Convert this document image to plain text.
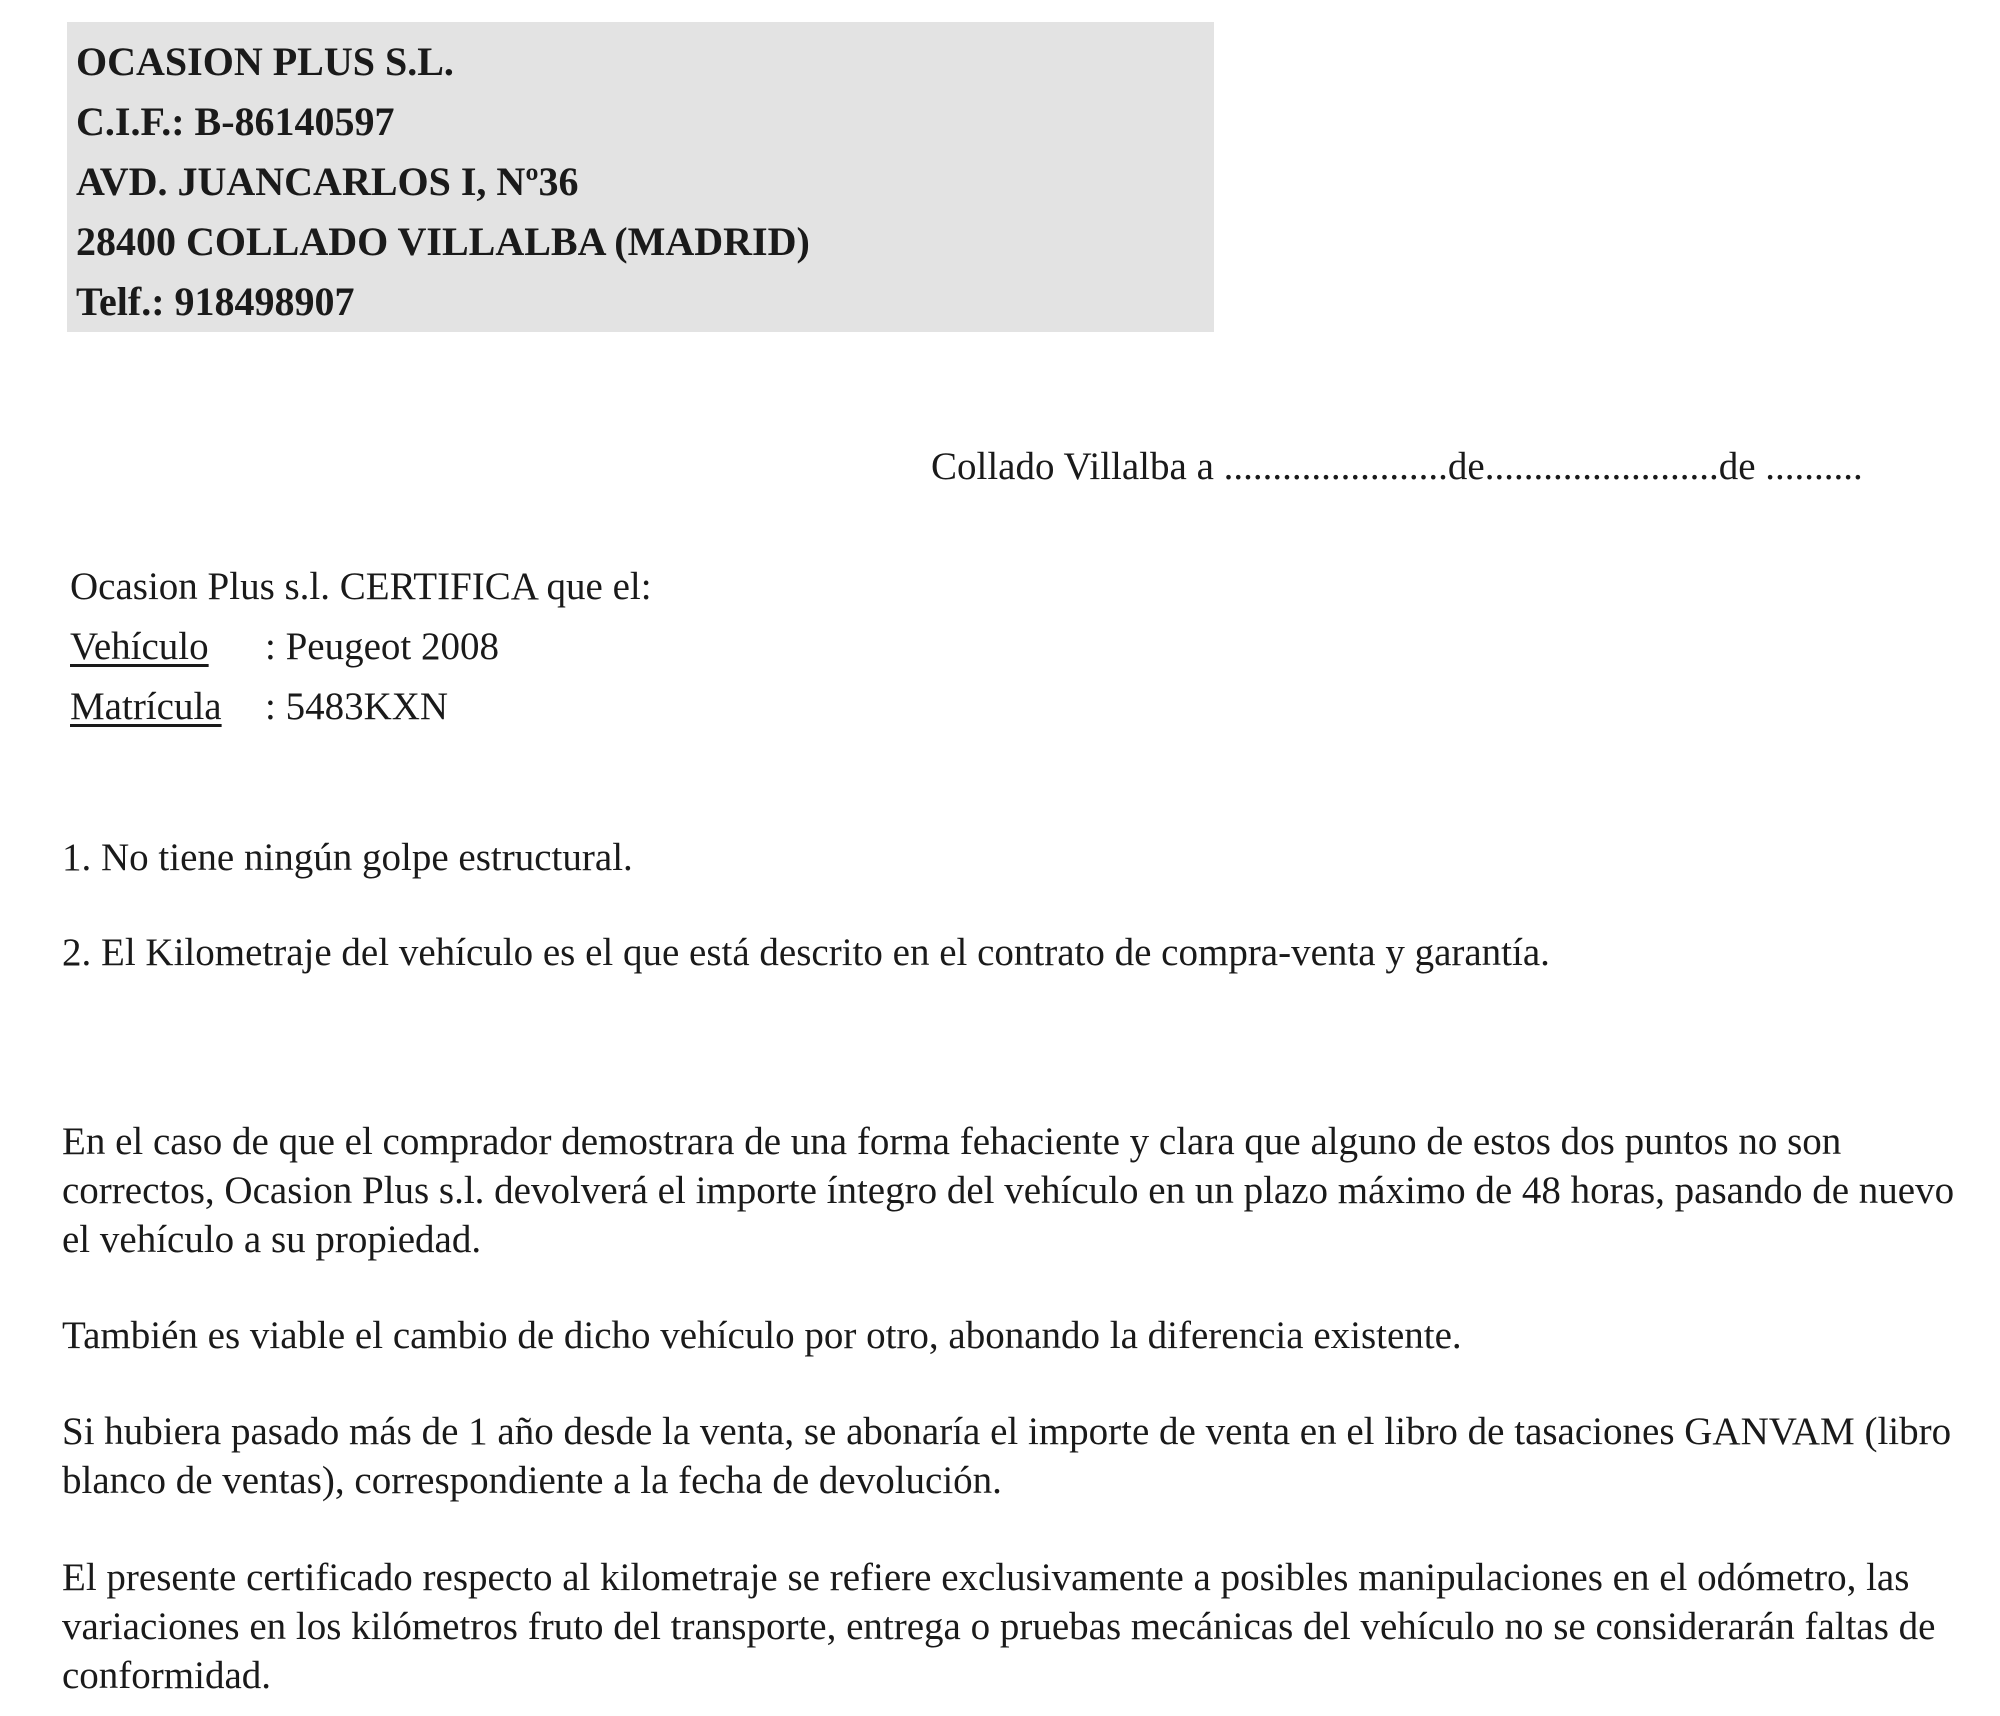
OCASION PLUS S.L.
C.I.F.: B-86140597
AVD. JUANCARLOS I, Nº36
28400 COLLADO VILLALBA (MADRID)
Telf.: 918498907
Collado Villalba a .......................de........................de ..........
Ocasion Plus s.l. CERTIFICA que el:
Vehículo : Peugeot 2008
Matrícula : 5483KXN
1. No tiene ningún golpe estructural.
2. El Kilometraje del vehículo es el que está descrito en el contrato de compra-venta y garantía.
En el caso de que el comprador demostrara de una forma fehaciente y clara que alguno de estos dos puntos no son correctos, Ocasion Plus s.l. devolverá el importe íntegro del vehículo en un plazo máximo de 48 horas, pasando de nuevo el vehículo a su propiedad.
También es viable el cambio de dicho vehículo por otro, abonando la diferencia existente.
Si hubiera pasado más de 1 año desde la venta, se abonaría el importe de venta en el libro de tasaciones GANVAM (libro blanco de ventas), correspondiente a la fecha de devolución.
El presente certificado respecto al kilometraje se refiere exclusivamente a posibles manipulaciones en el odómetro, las variaciones en los kilómetros fruto del transporte, entrega o pruebas mecánicas del vehículo no se considerarán faltas de conformidad.
